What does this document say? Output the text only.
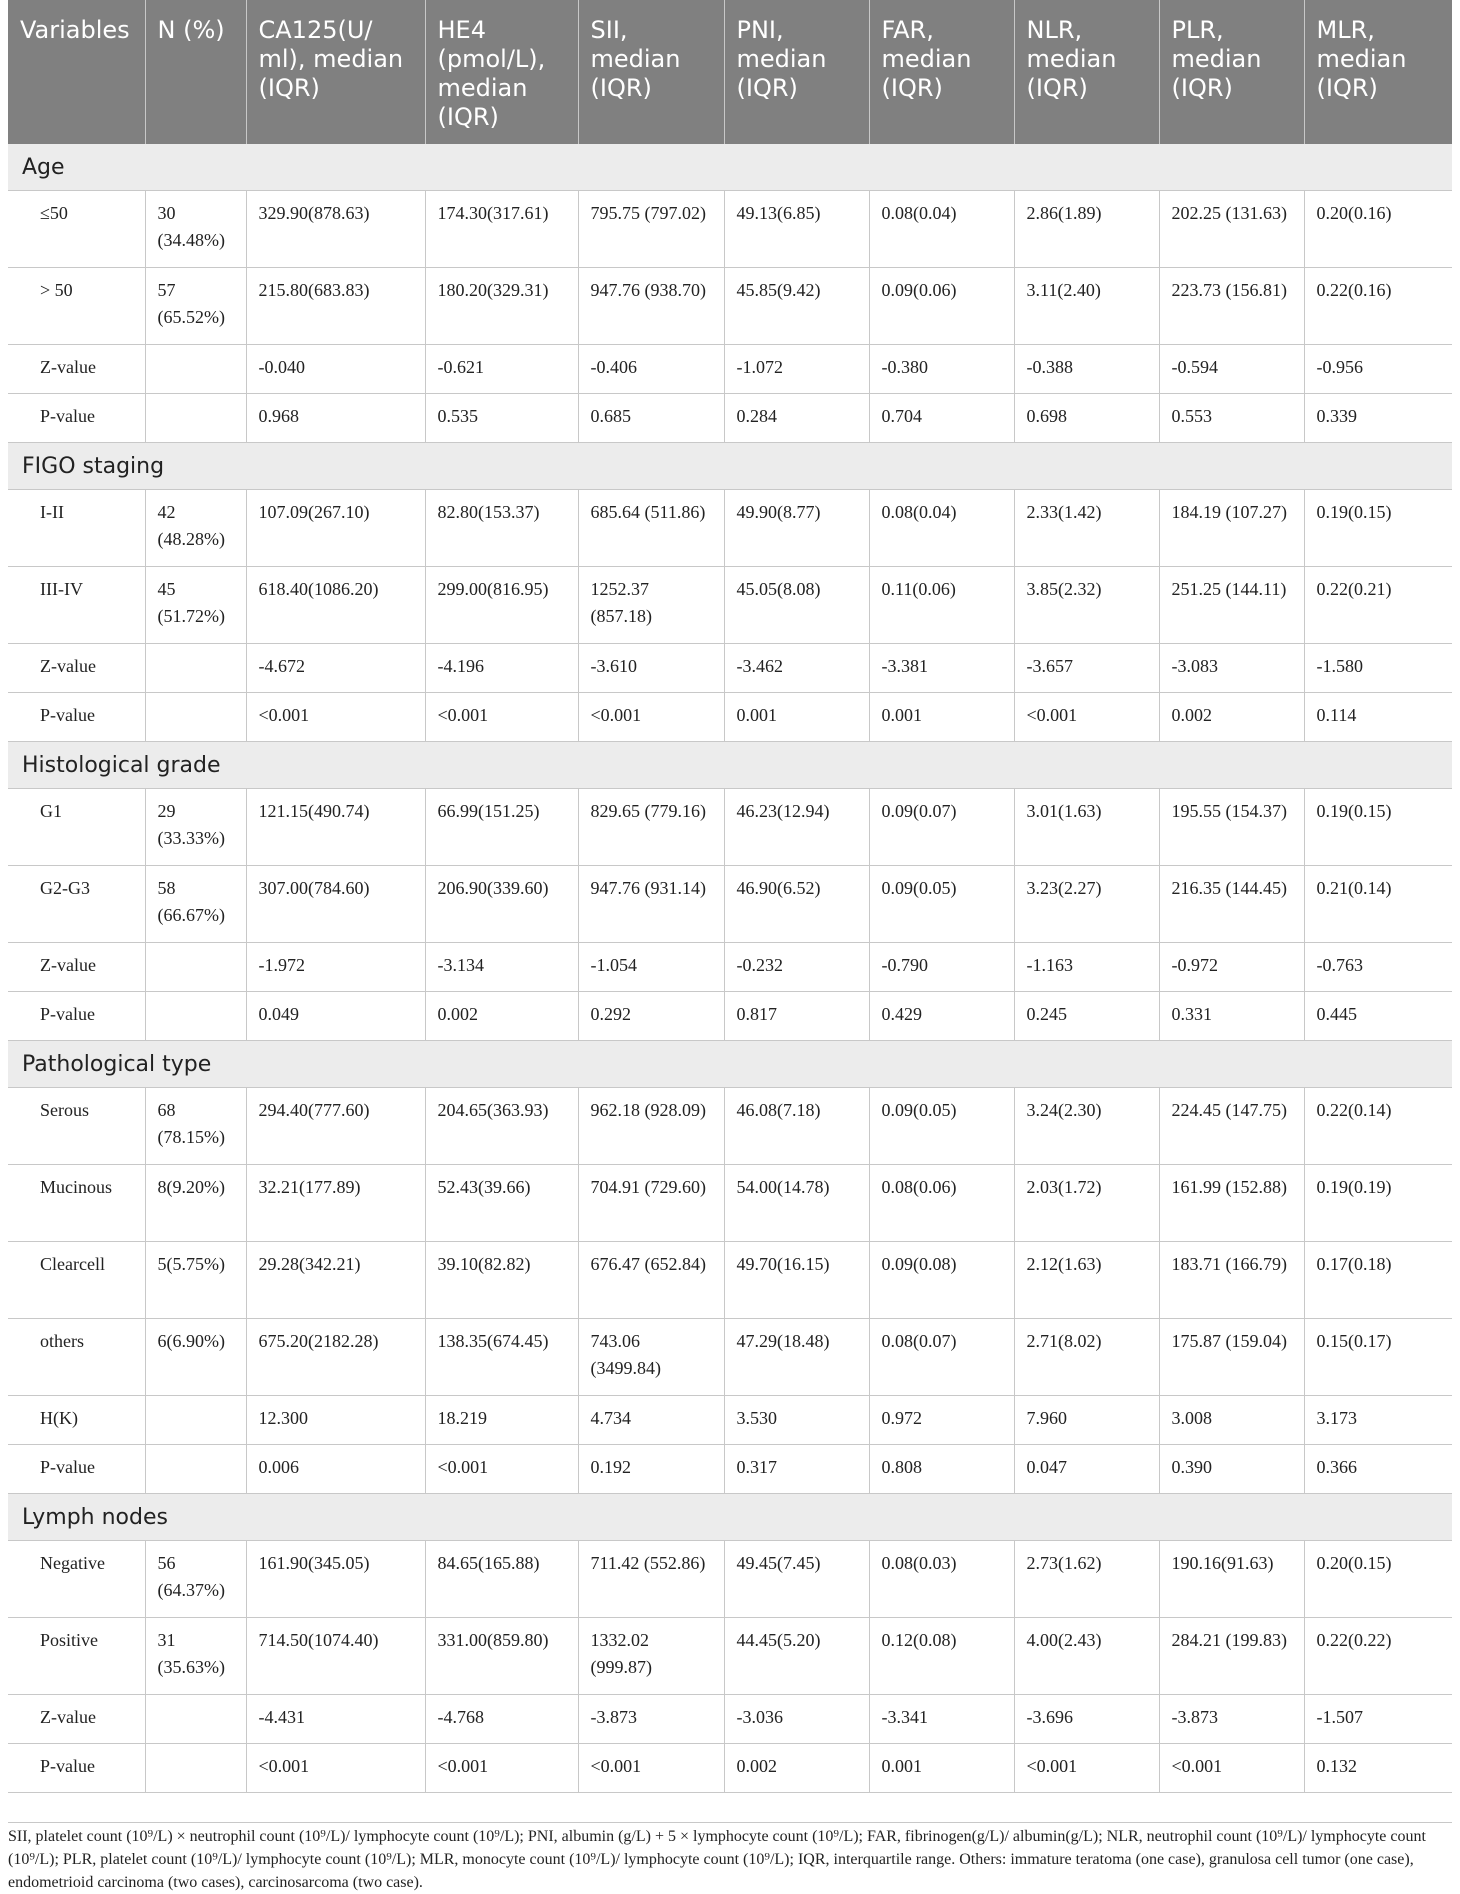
Variables	N (%)	CA125(U/ ml), median (IQR)	HE4 (pmol/L), median (IQR)	SII, median (IQR)	PNI, median (IQR)	FAR, median (IQR)	NLR, median (IQR)	PLR, median (IQR)	MLR, median (IQR)
Age									
≤50	30 (34.48%)	329.90(878.63)	174.30(317.61)	795.75 (797.02)	49.13(6.85)	0.08(0.04)	2.86(1.89)	202.25 (131.63)	0.20(0.16)
> 50	57 (65.52%)	215.80(683.83)	180.20(329.31)	947.76 (938.70)	45.85(9.42)	0.09(0.06)	3.11(2.40)	223.73 (156.81)	0.22(0.16)
Z-value		-0.040	-0.621	-0.406	-1.072	-0.380	-0.388	-0.594	-0.956
P-value		0.968	0.535	0.685	0.284	0.704	0.698	0.553	0.339
FIGO staging									
I-II	42 (48.28%)	107.09(267.10)	82.80(153.37)	685.64 (511.86)	49.90(8.77)	0.08(0.04)	2.33(1.42)	184.19 (107.27)	0.19(0.15)
III-IV	45 (51.72%)	618.40(1086.20)	299.00(816.95)	1252.37 (857.18)	45.05(8.08)	0.11(0.06)	3.85(2.32)	251.25 (144.11)	0.22(0.21)
Z-value		-4.672	-4.196	-3.610	-3.462	-3.381	-3.657	-3.083	-1.580
P-value		<0.001	<0.001	<0.001	0.001	0.001	<0.001	0.002	0.114
Histological grade									
G1	29 (33.33%)	121.15(490.74)	66.99(151.25)	829.65 (779.16)	46.23(12.94)	0.09(0.07)	3.01(1.63)	195.55 (154.37)	0.19(0.15)
G2-G3	58 (66.67%)	307.00(784.60)	206.90(339.60)	947.76 (931.14)	46.90(6.52)	0.09(0.05)	3.23(2.27)	216.35 (144.45)	0.21(0.14)
Z-value		-1.972	-3.134	-1.054	-0.232	-0.790	-1.163	-0.972	-0.763
P-value		0.049	0.002	0.292	0.817	0.429	0.245	0.331	0.445
Pathological type									
Serous	68 (78.15%)	294.40(777.60)	204.65(363.93)	962.18 (928.09)	46.08(7.18)	0.09(0.05)	3.24(2.30)	224.45 (147.75)	0.22(0.14)
Mucinous	8(9.20%)	32.21(177.89)	52.43(39.66)	704.91 (729.60)	54.00(14.78)	0.08(0.06)	2.03(1.72)	161.99 (152.88)	0.19(0.19)
Clearcell	5(5.75%)	29.28(342.21)	39.10(82.82)	676.47 (652.84)	49.70(16.15)	0.09(0.08)	2.12(1.63)	183.71 (166.79)	0.17(0.18)
others	6(6.90%)	675.20(2182.28)	138.35(674.45)	743.06 (3499.84)	47.29(18.48)	0.08(0.07)	2.71(8.02)	175.87 (159.04)	0.15(0.17)
H(K)		12.300	18.219	4.734	3.530	0.972	7.960	3.008	3.173
P-value		0.006	<0.001	0.192	0.317	0.808	0.047	0.390	0.366
Lymph nodes									
Negative	56 (64.37%)	161.90(345.05)	84.65(165.88)	711.42 (552.86)	49.45(7.45)	0.08(0.03)	2.73(1.62)	190.16(91.63)	0.20(0.15)
Positive	31 (35.63%)	714.50(1074.40)	331.00(859.80)	1332.02 (999.87)	44.45(5.20)	0.12(0.08)	4.00(2.43)	284.21 (199.83)	0.22(0.22)
Z-value		-4.431	-4.768	-3.873	-3.036	-3.341	-3.696	-3.873	-1.507
P-value		<0.001	<0.001	<0.001	0.002	0.001	<0.001	<0.001	0.132
SII, platelet count (10⁹/L) × neutrophil count (10⁹/L)/ lymphocyte count (10⁹/L); PNI, albumin (g/L) + 5 × lymphocyte count (10⁹/L); FAR, fibrinogen(g/L)/ albumin(g/L); NLR, neutrophil count (10⁹/L)/ lymphocyte count (10⁹/L); PLR, platelet count (10⁹/L)/ lymphocyte count (10⁹/L); MLR, monocyte count (10⁹/L)/ lymphocyte count (10⁹/L); IQR, interquartile range. Others: immature teratoma (one case), granulosa cell tumor (one case), endometrioid carcinoma (two cases), carcinosarcoma (two case).
